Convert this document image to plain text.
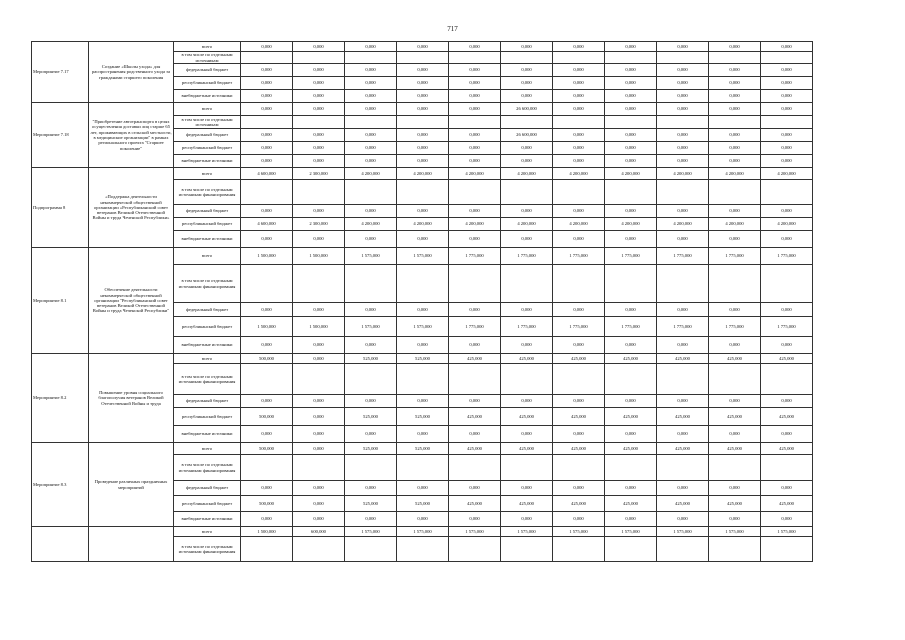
717
Мероприятие 7.17	Создание «Школы ухода» для распространения родственного ухода за гражданами старшего поколения	всего	0,000	0,000	0,000	0,000	0,000	0,000	0,000	0,000	0,000	0,000	0,000
		в том числе по отдельным источникам											
		федеральный бюджет	0,000	0,000	0,000	0,000	0,000	0,000	0,000	0,000	0,000	0,000	0,000
		республиканский бюджет	0,000	0,000	0,000	0,000	0,000	0,000	0,000	0,000	0,000	0,000	0,000
		внебюджетные источники	0,000	0,000	0,000	0,000	0,000	0,000	0,000	0,000	0,000	0,000	0,000
Мероприятие 7.18	"Приобретение автотранспорта в целях осуществления доставки лиц старше 65 лет, проживающих в сельской местности, в медицинские организации" в рамках регионального проекта "Старшее поколение"	всего	0,000	0,000	0,000	0,000	0,000	26 600,000	0,000	0,000	0,000	0,000	0,000
		в том числе по отдельным источникам											
		федеральный бюджет	0,000	0,000	0,000	0,000	0,000	26 600,000	0,000	0,000	0,000	0,000	0,000
		республиканский бюджет	0,000	0,000	0,000	0,000	0,000	0,000	0,000	0,000	0,000	0,000	0,000
		внебюджетные источники	0,000	0,000	0,000	0,000	0,000	0,000	0,000	0,000	0,000	0,000	0,000
Подпрограмма 8	«Поддержка деятельности некоммерческой общественной организации «Республиканский совет ветеранов Великой Отечественной Войны и труда Чеченской Республики»	всего	4 600,000	2 300,000	4 200,000	4 200,000	4 200,000	4 200,000	4 200,000	4 200,000	4 200,000	4 200,000	4 200,000
		в том числе по отдельным источникам финансирования											
		федеральный бюджет	0,000	0,000	0,000	0,000	0,000	0,000	0,000	0,000	0,000	0,000	0,000
		республиканский бюджет	4 600,000	2 300,000	4 200,000	4 200,000	4 200,000	4 200,000	4 200,000	4 200,000	4 200,000	4 200,000	4 200,000
		внебюджетные источники	0,000	0,000	0,000	0,000	0,000	0,000	0,000	0,000	0,000	0,000	0,000
Мероприятие 8.1	Обеспечение деятельности некоммерческой общественной организации "Республиканский совет ветеранов Великой Отечественной Войны и труда Чеченской Республики"	всего	1 500,000	1 500,000	1 575,000	1 575,000	1 775,000	1 775,000	1 775,000	1 775,000	1 775,000	1 775,000	1 775,000
		в том числе по отдельным источникам финансирования											
		федеральный бюджет	0,000	0,000	0,000	0,000	0,000	0,000	0,000	0,000	0,000	0,000	0,000
		республиканский бюджет	1 500,000	1 500,000	1 575,000	1 575,000	1 775,000	1 775,000	1 775,000	1 775,000	1 775,000	1 775,000	1 775,000
		внебюджетные источники	0,000	0,000	0,000	0,000	0,000	0,000	0,000	0,000	0,000	0,000	0,000
Мероприятие 8.2	Повышение уровня социального благополучия ветеранов Великой Отечественной Войны и труда	всего	500,000	0,000	525,000	525,000	425,000	425,000	425,000	425,000	425,000	425,000	425,000
		в том числе по отдельным источникам финансирования											
		федеральный бюджет	0,000	0,000	0,000	0,000	0,000	0,000	0,000	0,000	0,000	0,000	0,000
		республиканский бюджет	500,000	0,000	525,000	525,000	425,000	425,000	425,000	425,000	425,000	425,000	425,000
		внебюджетные источники	0,000	0,000	0,000	0,000	0,000	0,000	0,000	0,000	0,000	0,000	0,000
Мероприятие 8.3	Проведение различных праздничных мероприятий	всего	500,000	0,000	525,000	525,000	425,000	425,000	425,000	425,000	425,000	425,000	425,000
		в том числе по отдельным источникам финансирования											
		федеральный бюджет	0,000	0,000	0,000	0,000	0,000	0,000	0,000	0,000	0,000	0,000	0,000
		республиканский бюджет	500,000	0,000	525,000	525,000	425,000	425,000	425,000	425,000	425,000	425,000	425,000
		внебюджетные источники	0,000	0,000	0,000	0,000	0,000	0,000	0,000	0,000	0,000	0,000	0,000
		всего	1 500,000	600,000	1 575,000	1 575,000	1 575,000	1 575,000	1 575,000	1 575,000	1 575,000	1 575,000	1 575,000
		в том числе по отдельным источникам финансирования											
